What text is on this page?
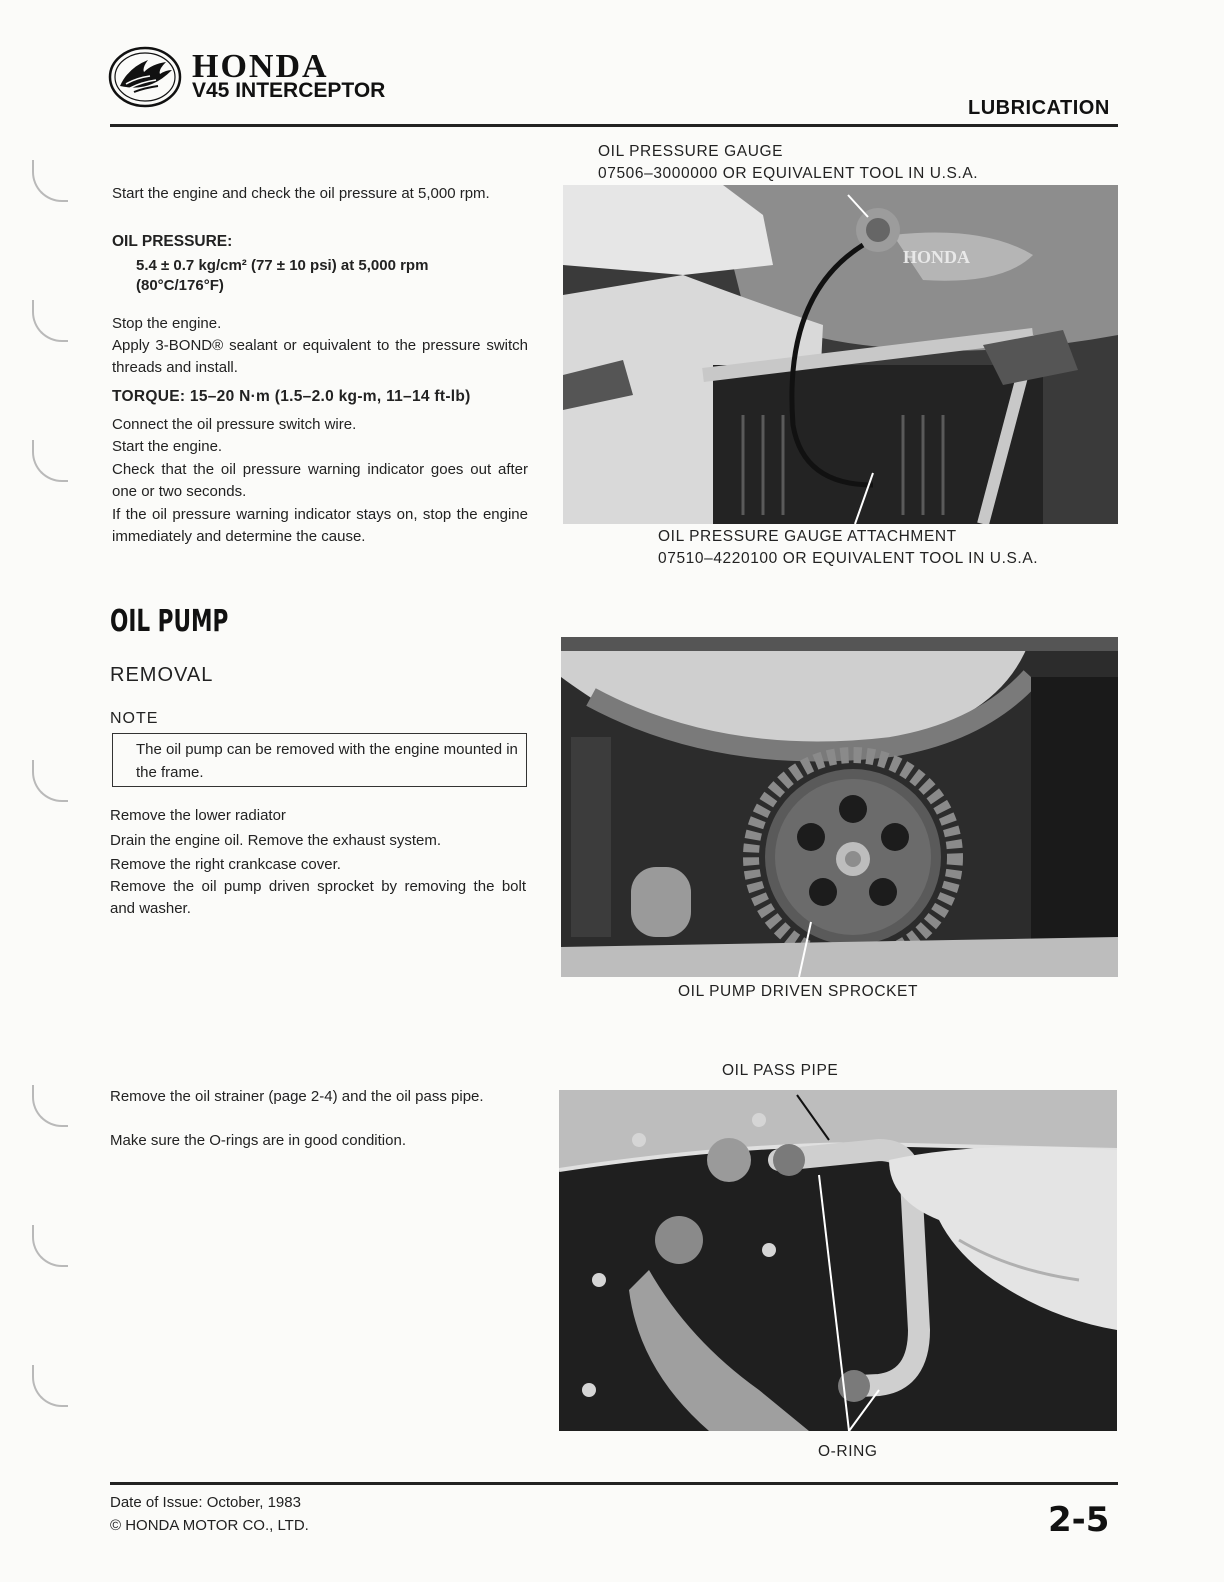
HONDA
V45 INTERCEPTOR
LUBRICATION
Start the engine and check the oil pressure at 5,000 rpm.
OIL PRESSURE:
5.4 ± 0.7 kg/cm² (77 ± 10 psi) at 5,000 rpm
(80°C/176°F)
Stop the engine.
Apply 3-BOND® sealant or equivalent to the pressure switch threads and install.
TORQUE: 15–20 N·m (1.5–2.0 kg-m, 11–14 ft-lb)
Connect the oil pressure switch wire.
Start the engine.
Check that the oil pressure warning indicator goes out after one or two seconds.
If the oil pressure warning indicator stays on, stop the engine immediately and determine the cause.
OIL PRESSURE GAUGE
07506–3000000 OR EQUIVALENT TOOL IN U.S.A.
HONDA
OIL PRESSURE GAUGE ATTACHMENT
07510–4220100 OR EQUIVALENT TOOL IN U.S.A.
OIL PUMP
REMOVAL
NOTE
The oil pump can be removed with the engine mounted in the frame.
Remove the lower radiator
Drain the engine oil. Remove the exhaust system.
Remove the right crankcase cover.
Remove the oil pump driven sprocket by removing the bolt and washer.
OIL PUMP DRIVEN SPROCKET
Remove the oil strainer (page 2-4) and the oil pass pipe.
Make sure the O-rings are in good condition.
OIL PASS PIPE
O-RING
Date of Issue: October, 1983
© HONDA MOTOR CO., LTD.	2-5
